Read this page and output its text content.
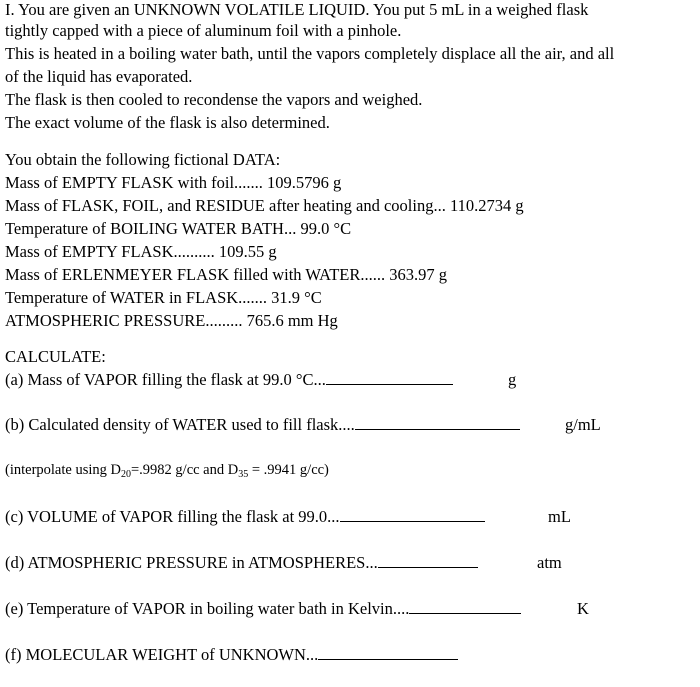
I. You are given an UNKNOWN VOLATILE LIQUID. You put 5 mL in a weighed flask
tightly capped with a piece of aluminum foil with a pinhole.
This is heated in a boiling water bath, until the vapors completely displace all the air, and all
of the liquid has evaporated.
The flask is then cooled to recondense the vapors and weighed.
The exact volume of the flask is also determined.
You obtain the following fictional DATA:
Mass of EMPTY FLASK with foil....... 109.5796 g
Mass of FLASK, FOIL, and RESIDUE after heating and cooling... 110.2734 g
Temperature of BOILING WATER BATH... 99.0 °C
Mass of EMPTY FLASK.......... 109.55 g
Mass of ERLENMEYER FLASK filled with WATER...... 363.97 g
Temperature of WATER in FLASK....... 31.9 °C
ATMOSPHERIC PRESSURE......... 765.6 mm Hg
CALCULATE:
(a) Mass of VAPOR filling the flask at 99.0 °C...	g
(b) Calculated density of WATER used to fill flask....	g/mL
(interpolate using $D_{20}=.9982$ g/cc and $D_{35} = .9941$ g/cc)
(c) VOLUME of VAPOR filling the flask at 99.0...	mL
(d) ATMOSPHERIC PRESSURE in ATMOSPHERES...	atm
(e) Temperature of VAPOR in boiling water bath in Kelvin....	K
(f) MOLECULAR WEIGHT of UNKNOWN...
